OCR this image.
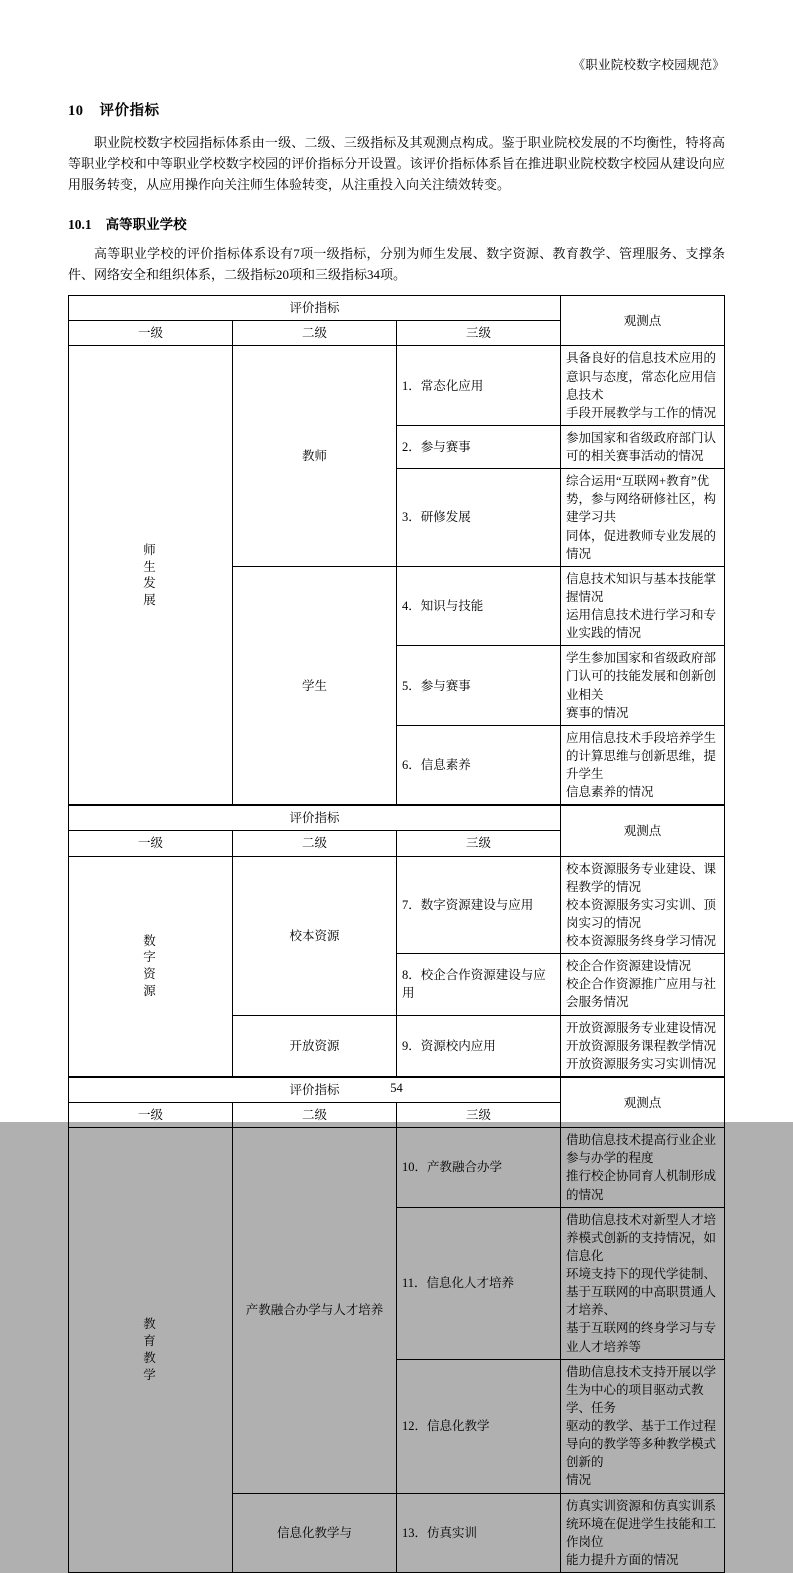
《职业院校数字校园规范》
10 评价指标

职业院校数字校园指标体系由一级、二级、三级指标及其观测点构成。鉴于职业院校发展的不均衡性，特将高等职业学校和中等职业学校数字校园的评价指标分开设置。该评价指标体系旨在推进职业院校数字校园从建设向应用服务转变，从应用操作向关注师生体验转变，从注重投入向关注绩效转变。

10.1 高等职业学校

高等职业学校的评价指标体系设有7项一级指标，分别为师生发展、数字资源、教育教学、管理服务、支撑条件、网络安全和组织体系，二级指标20项和三级指标34项。

评价指标			观测点
一级	二级	三级	

师
生
发
展	教师	1．常态化应用	具备良好的信息技术应用的意识与态度，常态化应用信息技术
手段开展教学与工作的情况

		2．参与赛事	参加国家和省级政府部门认可的相关赛事活动的情况

		3．研修发展	综合运用“互联网+教育”优势，参与网络研修社区，构建学习共
同体，促进教师专业发展的情况

	学生	4．知识与技能	信息技术知识与基本技能掌握情况
运用信息技术进行学习和专业实践的情况

		5．参与赛事	学生参加国家和省级政府部门认可的技能发展和创新创业相关
赛事的情况

		6．信息素养	应用信息技术手段培养学生的计算思维与创新思维，提升学生
信息素养的情况
评价指标			观测点
一级	二级	三级	

数
字
资
源	校本资源	7．数字资源建设与应用	校本资源服务专业建设、课程教学的情况
校本资源服务实习实训、顶岗实习的情况
校本资源服务终身学习情况

		8．校企合作资源建设与应用	校企合作资源建设情况
校企合作资源推广应用与社会服务情况

	开放资源	9．资源校内应用	开放资源服务专业建设情况
开放资源服务课程教学情况
开放资源服务实习实训情况
评价指标			观测点
一级	二级	三级	

教
育
教
学	产教融合办学与人才培养	10．产教融合办学	借助信息技术提高行业企业参与办学的程度
推行校企协同育人机制形成的情况

		11．信息化人才培养	借助信息技术对新型人才培养模式创新的支持情况，如信息化
环境支持下的现代学徒制、基于互联网的中高职贯通人才培养、
基于互联网的终身学习与专业人才培养等

		12．信息化教学	借助信息技术支持开展以学生为中心的项目驱动式教学、任务
驱动的教学、基于工作过程导向的教学等多种教学模式创新的
情况

	信息化教学与	13．仿真实训	仿真实训资源和仿真实训系统环境在促进学生技能和工作岗位
能力提升方面的情况
54
